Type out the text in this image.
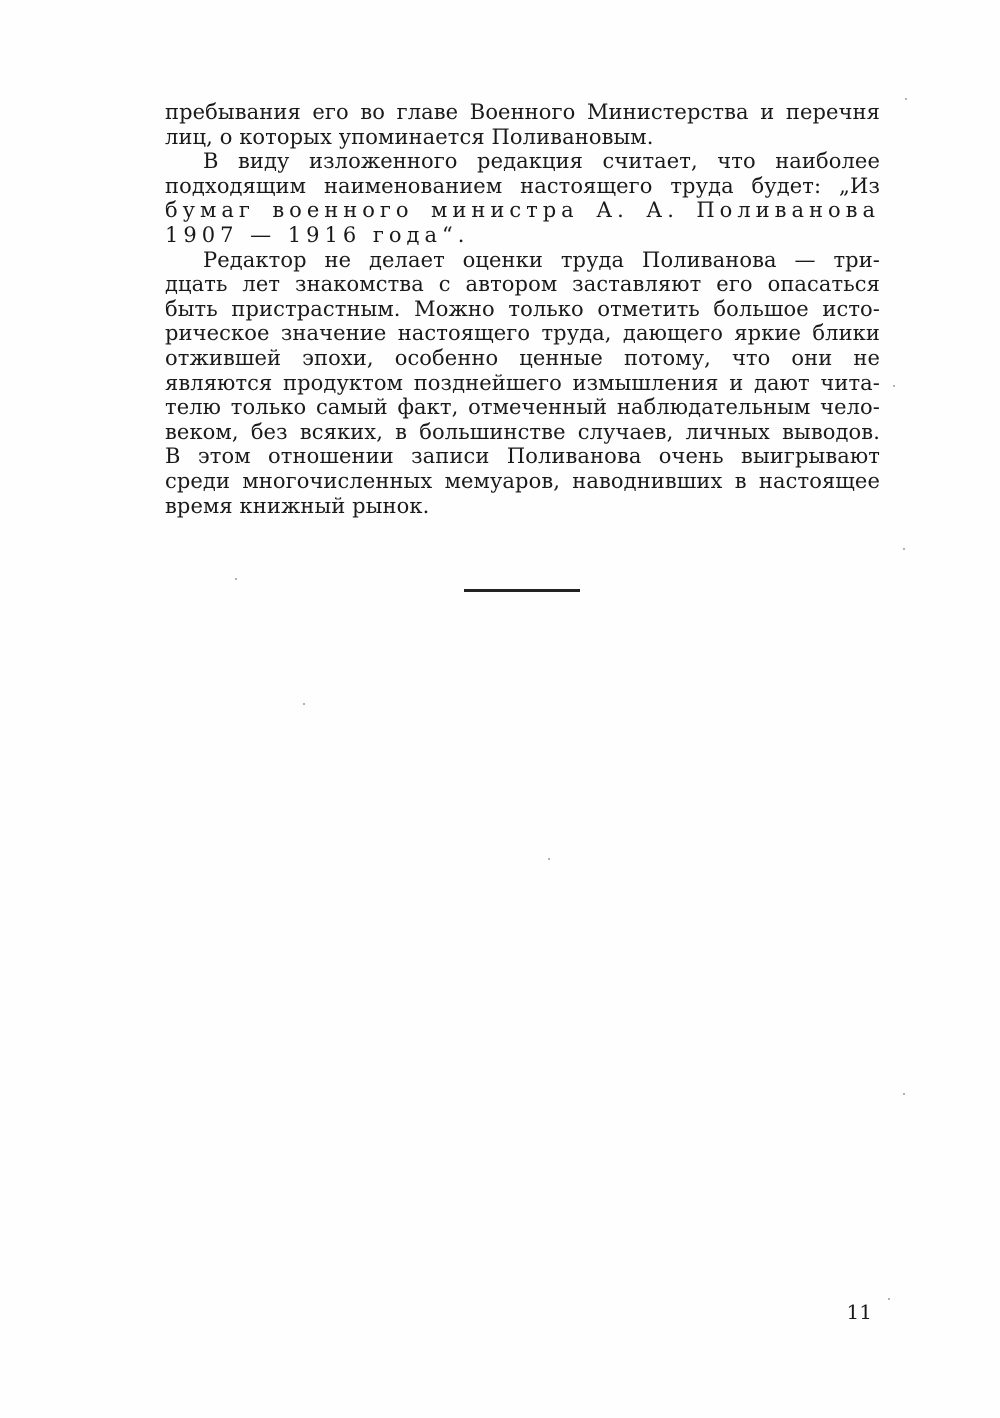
пребывания его во главе Военного Министерства и перечня
лиц, о которых упоминается Поливановым.
В виду изложенного редакция считает, что наиболее
подходящим наименованием настоящего труда будет: „Из
бумаг военного министра А. А. Поливанова
1907 — 1916 года“.
Редактор не делает оценки труда Поливанова — три-
дцать лет знакомства с автором заставляют его опасаться
быть пристрастным. Можно только отметить большое исто-
рическое значение настоящего труда, дающего яркие блики
отжившей эпохи, особенно ценные потому, что они не
являются продуктом позднейшего измышления и дают чита-
телю только самый факт, отмеченный наблюдательным чело-
веком, без всяких, в большинстве случаев, личных выводов.
В этом отношении записи Поливанова очень выигрывают
среди многочисленных мемуаров, наводнивших в настоящее
время книжный рынок.
11
